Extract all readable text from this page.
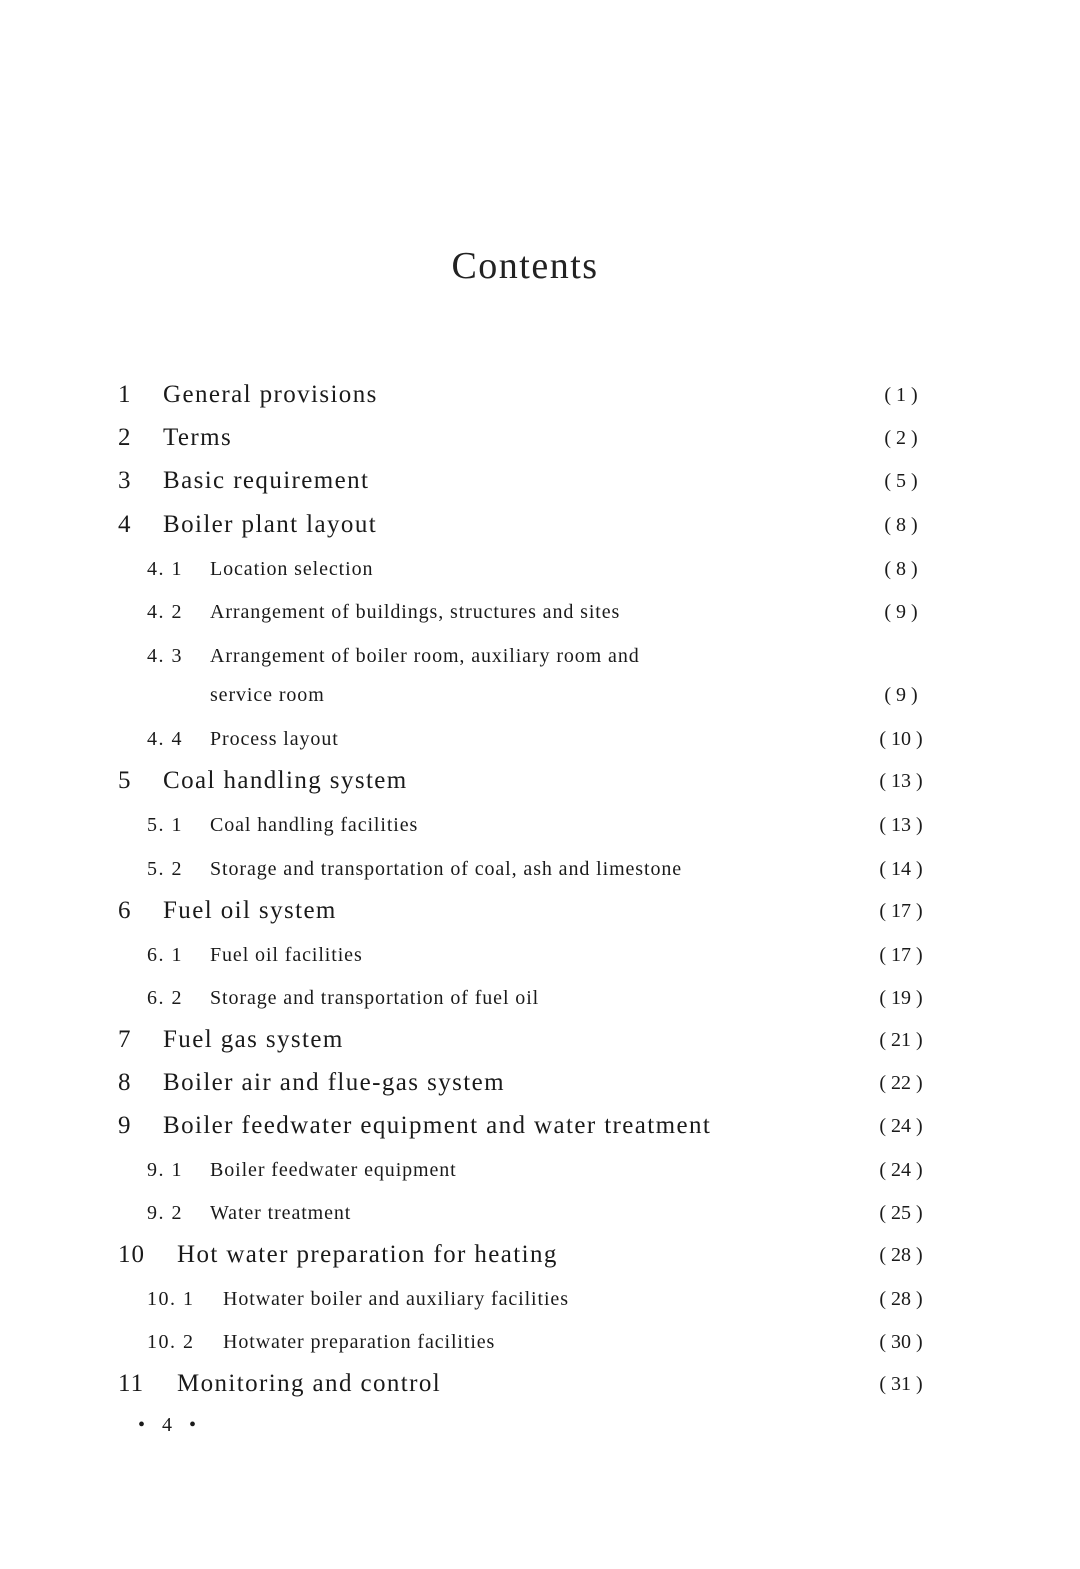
Contents
1 General provisions	( 1 )
2 Terms	( 2 )
3 Basic requirement	( 5 )
4 Boiler plant layout	( 8 )
4. 1 Location selection	( 8 )
4. 2 Arrangement of buildings, structures and sites	( 9 )
4. 3 Arrangement of boiler room, auxiliary room and
service room	( 9 )
4. 4 Process layout	( 10 )
5 Coal handling system	( 13 )
5. 1 Coal handling facilities	( 13 )
5. 2 Storage and transportation of coal, ash and limestone	( 14 )
6 Fuel oil system	( 17 )
6. 1 Fuel oil facilities	( 17 )
6. 2 Storage and transportation of fuel oil	( 19 )
7 Fuel gas system	( 21 )
8 Boiler air and flue-gas system	( 22 )
9 Boiler feedwater equipment and water treatment	( 24 )
9. 1 Boiler feedwater equipment	( 24 )
9. 2 Water treatment	( 25 )
10 Hot water preparation for heating	( 28 )
10. 1 Hotwater boiler and auxiliary facilities	( 28 )
10. 2 Hotwater preparation facilities	( 30 )
11 Monitoring and control	( 31 )
• 4 •
